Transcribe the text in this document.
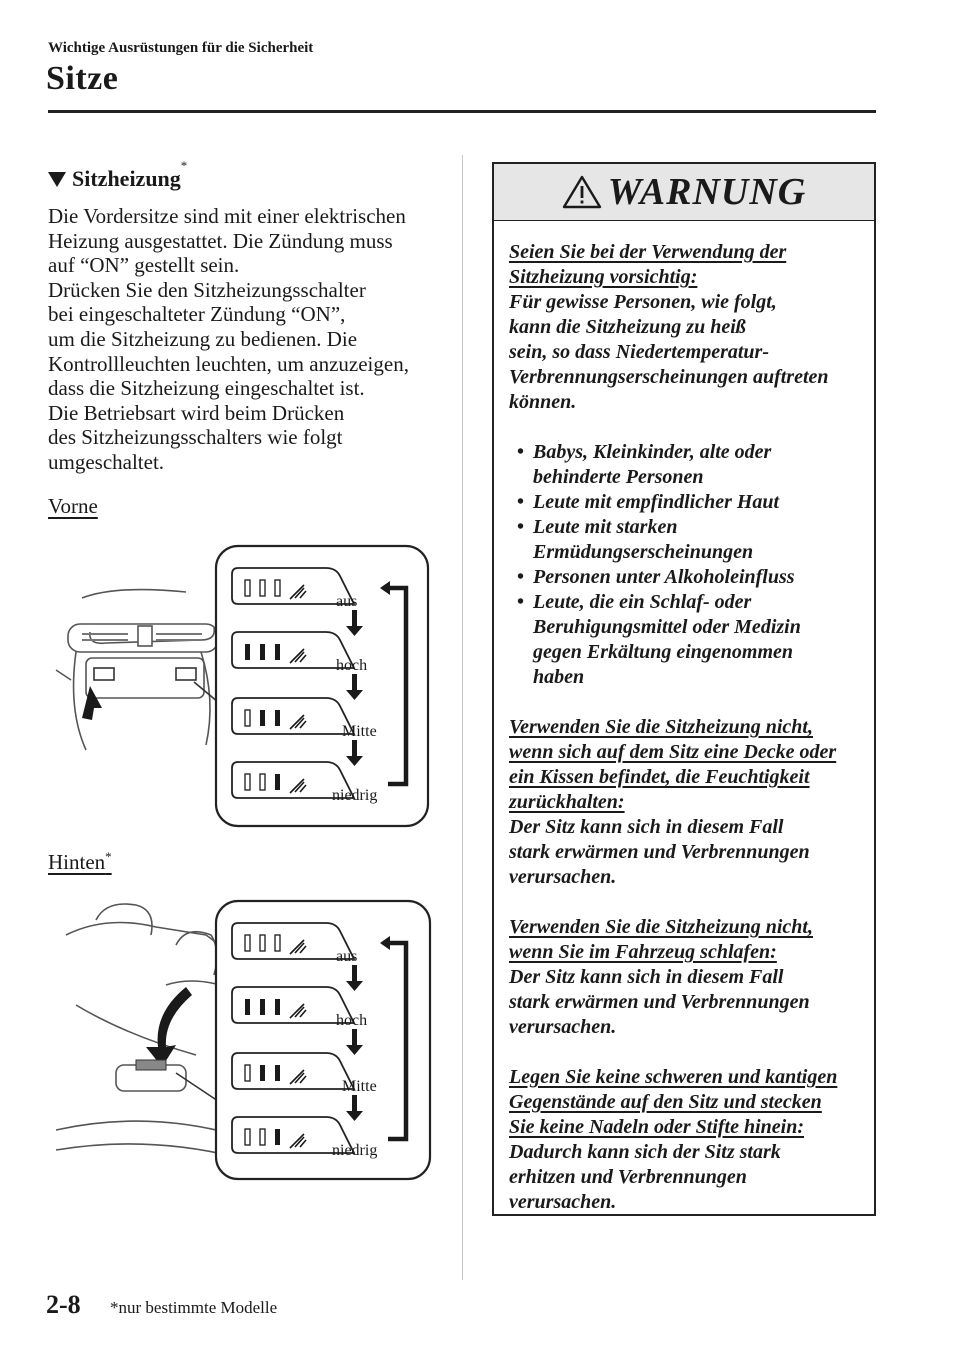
Wichtige Ausrüstungen für die Sicherheit
Sitze
Sitzheizung
*
Die Vordersitze sind mit einer elektrischen
Heizung ausgestattet. Die Zündung muss
auf “ON” gestellt sein.
Drücken Sie den Sitzheizungsschalter
bei eingeschalteter Zündung “ON”,
um die Sitzheizung zu bedienen. Die
Kontrollleuchten leuchten, um anzuzeigen,
dass die Sitzheizung eingeschaltet ist.
Die Betriebsart wird beim Drücken
des Sitzheizungsschalters wie folgt
umgeschaltet.
Vorne
aus
hoch
Mitte
niedrig
Hinten*
aus
hoch
Mitte
niedrig
WARNUNG
Seien Sie bei der Verwendung der
Sitzheizung vorsichtig:
Für gewisse Personen, wie folgt,
kann die Sitzheizung zu heiß
sein, so dass Niedertemperatur-
Verbrennungserscheinungen auftreten
können.
• Babys, Kleinkinder, alte oder
behinderte Personen
• Leute mit empfindlicher Haut
• Leute mit starken
Ermüdungserscheinungen
• Personen unter Alkoholeinfluss
• Leute, die ein Schlaf- oder
Beruhigungsmittel oder Medizin
gegen Erkältung eingenommen
haben
Verwenden Sie die Sitzheizung nicht,
wenn sich auf dem Sitz eine Decke oder
ein Kissen befindet, die Feuchtigkeit
zurückhalten:
Der Sitz kann sich in diesem Fall
stark erwärmen und Verbrennungen
verursachen.
Verwenden Sie die Sitzheizung nicht,
wenn Sie im Fahrzeug schlafen:
Der Sitz kann sich in diesem Fall
stark erwärmen und Verbrennungen
verursachen.
Legen Sie keine schweren und kantigen
Gegenstände auf den Sitz und stecken
Sie keine Nadeln oder Stifte hinein:
Dadurch kann sich der Sitz stark
erhitzen und Verbrennungen
verursachen.
2-8 *nur bestimmte Modelle
